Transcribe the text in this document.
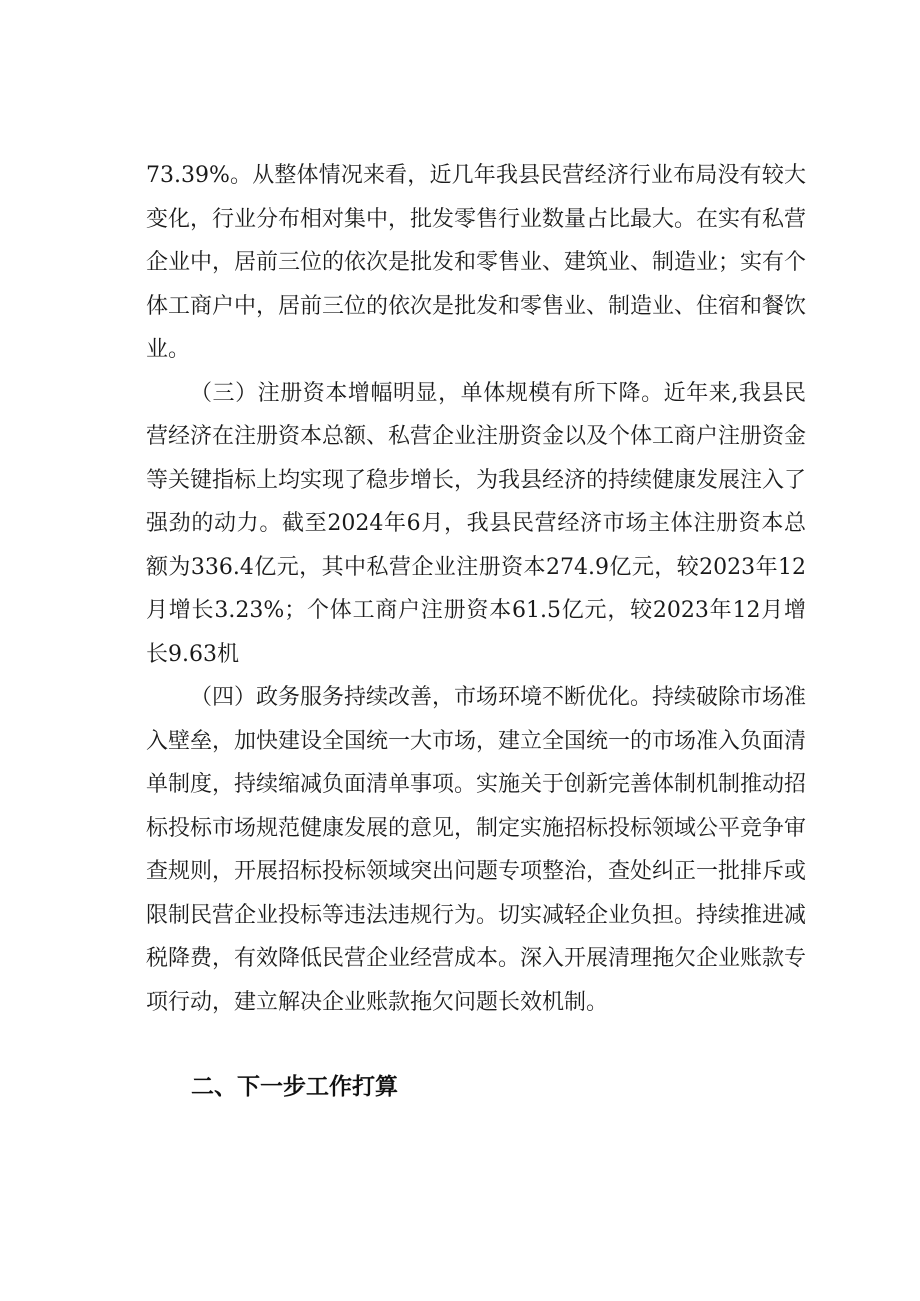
73.39%。从整体情况来看，近几年我县民营经济行业布局没有较大变化，行业分布相对集中，批发零售行业数量占比最大。在实有私营企业中，居前三位的依次是批发和零售业、建筑业、制造业；实有个体工商户中，居前三位的依次是批发和零售业、制造业、住宿和餐饮业。

（三）注册资本增幅明显，单体规模有所下降。近年来,我县民营经济在注册资本总额、私营企业注册资金以及个体工商户注册资金等关键指标上均实现了稳步增长，为我县经济的持续健康发展注入了强劲的动力。截至2024年6月，我县民营经济市场主体注册资本总额为336.4亿元，其中私营企业注册资本274.9亿元，较2023年12月增长3.23%；个体工商户注册资本61.5亿元，较2023年12月增长9.63机

（四）政务服务持续改善，市场环境不断优化。持续破除市场准入壁垒，加快建设全国统一大市场，建立全国统一的市场准入负面清单制度，持续缩减负面清单事项。实施关于创新完善体制机制推动招标投标市场规范健康发展的意见，制定实施招标投标领域公平竞争审查规则，开展招标投标领域突出问题专项整治，查处纠正一批排斥或限制民营企业投标等违法违规行为。切实减轻企业负担。持续推进减税降费，有效降低民营企业经营成本。深入开展清理拖欠企业账款专项行动，建立解决企业账款拖欠问题长效机制。

二、下一步工作打算
